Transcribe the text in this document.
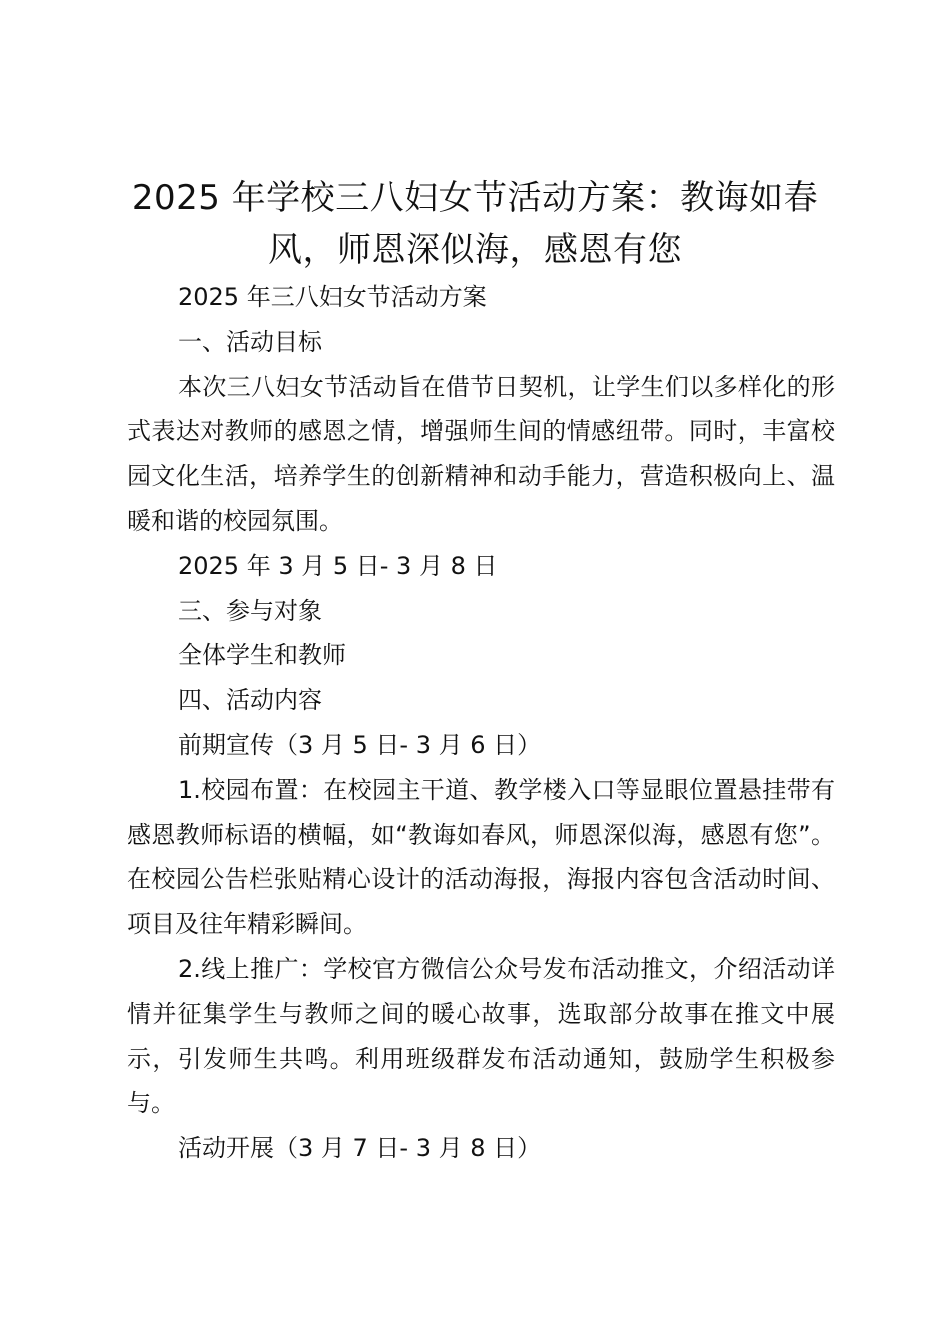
2025 年学校三八妇女节活动方案：教诲如春风，师恩深似海，感恩有您

2025 年三八妇女节活动方案

一、活动目标

本次三八妇女节活动旨在借节日契机，让学生们以多样化的形式表达对教师的感恩之情，增强师生间的情感纽带。同时，丰富校园文化生活，培养学生的创新精神和动手能力，营造积极向上、温暖和谐的校园氛围。

2025 年 3 月 5 日- 3 月 8 日

三、参与对象

全体学生和教师

四、活动内容

前期宣传（3 月 5 日- 3 月 6 日）

1.校园布置：在校园主干道、教学楼入口等显眼位置悬挂带有感恩教师标语的横幅，如“教诲如春风，师恩深似海，感恩有您”。在校园公告栏张贴精心设计的活动海报，海报内容包含活动时间、项目及往年精彩瞬间。

2.线上推广：学校官方微信公众号发布活动推文，介绍活动详情并征集学生与教师之间的暖心故事，选取部分故事在推文中展示，引发师生共鸣。利用班级群发布活动通知，鼓励学生积极参与。

活动开展（3 月 7 日- 3 月 8 日）
